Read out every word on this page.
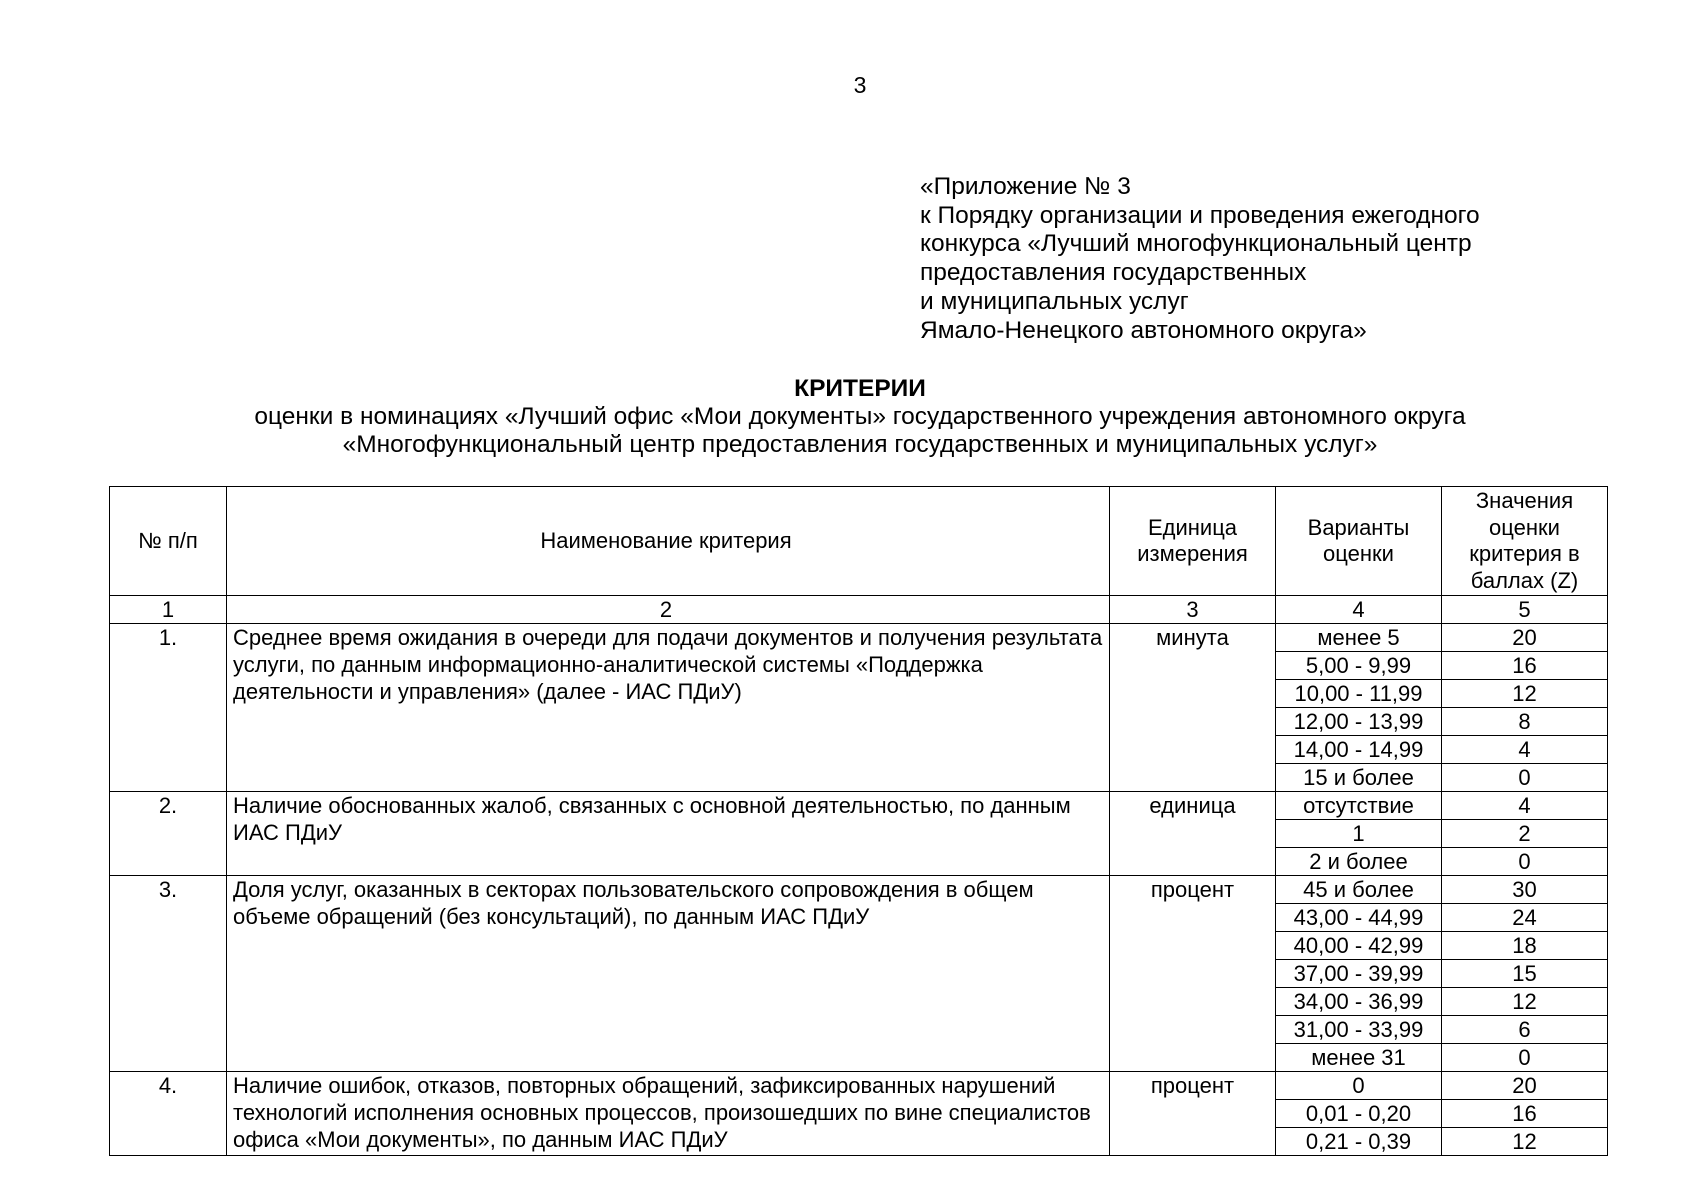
3
«Приложение № 3
к Порядку организации и проведения ежегодного
конкурса «Лучший многофункциональный центр
предоставления государственных
и муниципальных услуг
Ямало-Ненецкого автономного округа»
КРИТЕРИИ
оценки в номинациях «Лучший офис «Мои документы» государственного учреждения автономного округа
«Многофункциональный центр предоставления государственных и муниципальных услуг»
№ п/п	Наименование критерия	Единица измерения	Варианты оценки	Значения оценки критерия в баллах (Z)
1	2	3	4	5
1.	Среднее время ожидания в очереди для подачи документов и получения результата услуги, по данным информационно-аналитической системы «Поддержка деятельности и управления» (далее - ИАС ПДиУ)	минута	менее 5	20
			5,00 - 9,99	16
			10,00 - 11,99	12
			12,00 - 13,99	8
			14,00 - 14,99	4
			15 и более	0
2.	Наличие обоснованных жалоб, связанных с основной деятельностью, по данным ИАС ПДиУ	единица	отсутствие	4
			1	2
			2 и более	0
3.	Доля услуг, оказанных в секторах пользовательского сопровождения в общем объеме обращений (без консультаций), по данным ИАС ПДиУ	процент	45 и более	30
			43,00 - 44,99	24
			40,00 - 42,99	18
			37,00 - 39,99	15
			34,00 - 36,99	12
			31,00 - 33,99	6
			менее 31	0
4.	Наличие ошибок, отказов, повторных обращений, зафиксированных нарушений технологий исполнения основных процессов, произошедших по вине специалистов офиса «Мои документы», по данным ИАС ПДиУ	процент	0	20
			0,01 - 0,20	16
			0,21 - 0,39	12
